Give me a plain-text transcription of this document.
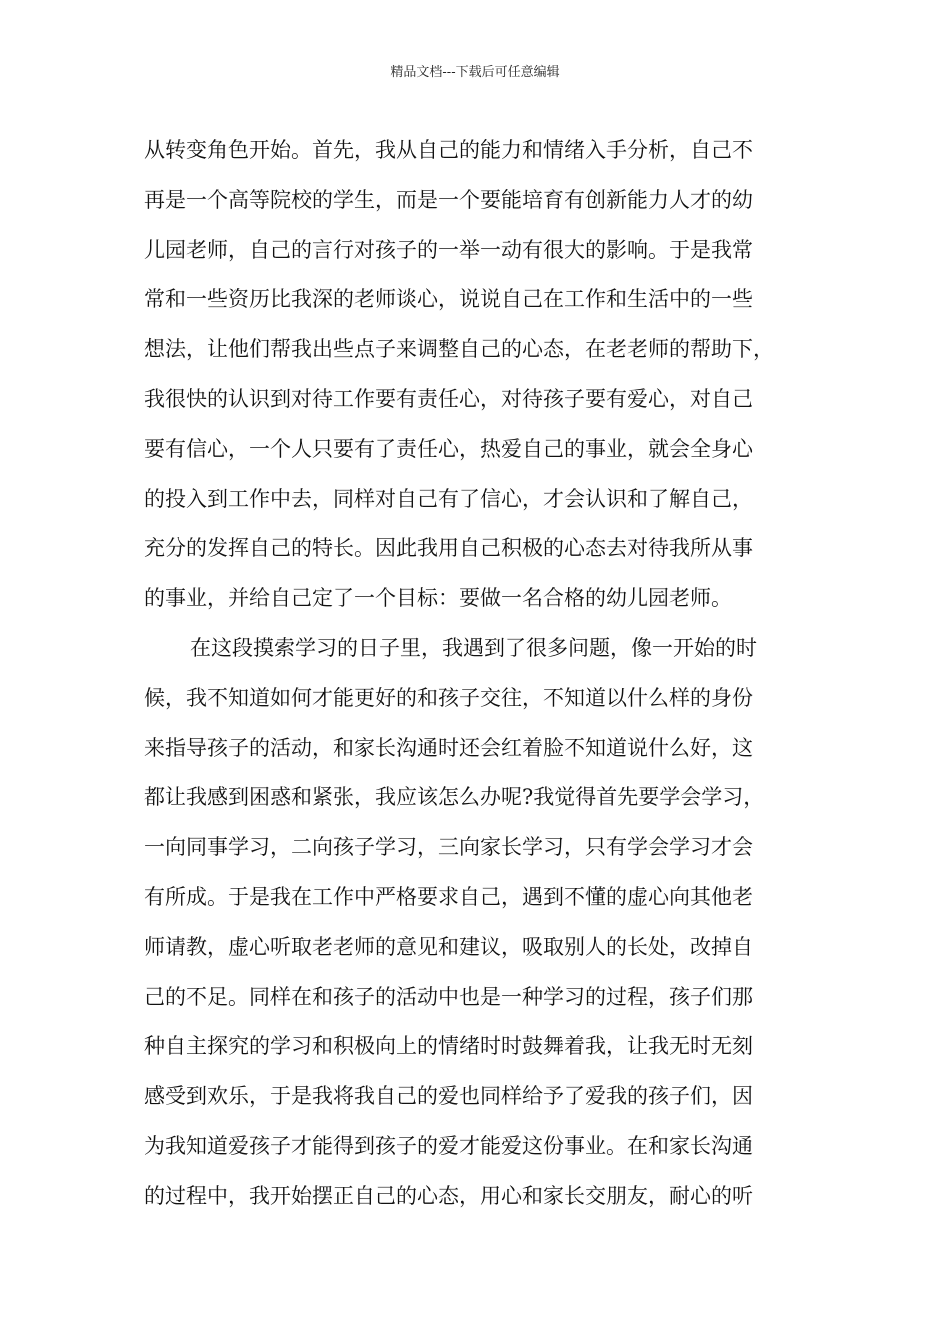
精品文档---下载后可任意编辑
从转变角色开始。首先，我从自己的能力和情绪入手分析，自己不
再是一个高等院校的学生，而是一个要能培育有创新能力人才的幼
儿园老师，自己的言行对孩子的一举一动有很大的影响。于是我常
常和一些资历比我深的老师谈心，说说自己在工作和生活中的一些
想法，让他们帮我出些点子来调整自己的心态，在老老师的帮助下，
我很快的认识到对待工作要有责任心，对待孩子要有爱心，对自己
要有信心，一个人只要有了责任心，热爱自己的事业，就会全身心
的投入到工作中去，同样对自己有了信心，才会认识和了解自己，
充分的发挥自己的特长。因此我用自己积极的心态去对待我所从事
的事业，并给自己定了一个目标：要做一名合格的幼儿园老师。
在这段摸索学习的日子里，我遇到了很多问题，像一开始的时
候，我不知道如何才能更好的和孩子交往，不知道以什么样的身份
来指导孩子的活动，和家长沟通时还会红着脸不知道说什么好，这
都让我感到困惑和紧张，我应该怎么办呢?我觉得首先要学会学习，
一向同事学习，二向孩子学习，三向家长学习，只有学会学习才会
有所成。于是我在工作中严格要求自己，遇到不懂的虚心向其他老
师请教，虚心听取老老师的意见和建议，吸取别人的长处，改掉自
己的不足。同样在和孩子的活动中也是一种学习的过程，孩子们那
种自主探究的学习和积极向上的情绪时时鼓舞着我，让我无时无刻
感受到欢乐，于是我将我自己的爱也同样给予了爱我的孩子们，因
为我知道爱孩子才能得到孩子的爱才能爱这份事业。在和家长沟通
的过程中，我开始摆正自己的心态，用心和家长交朋友，耐心的听
